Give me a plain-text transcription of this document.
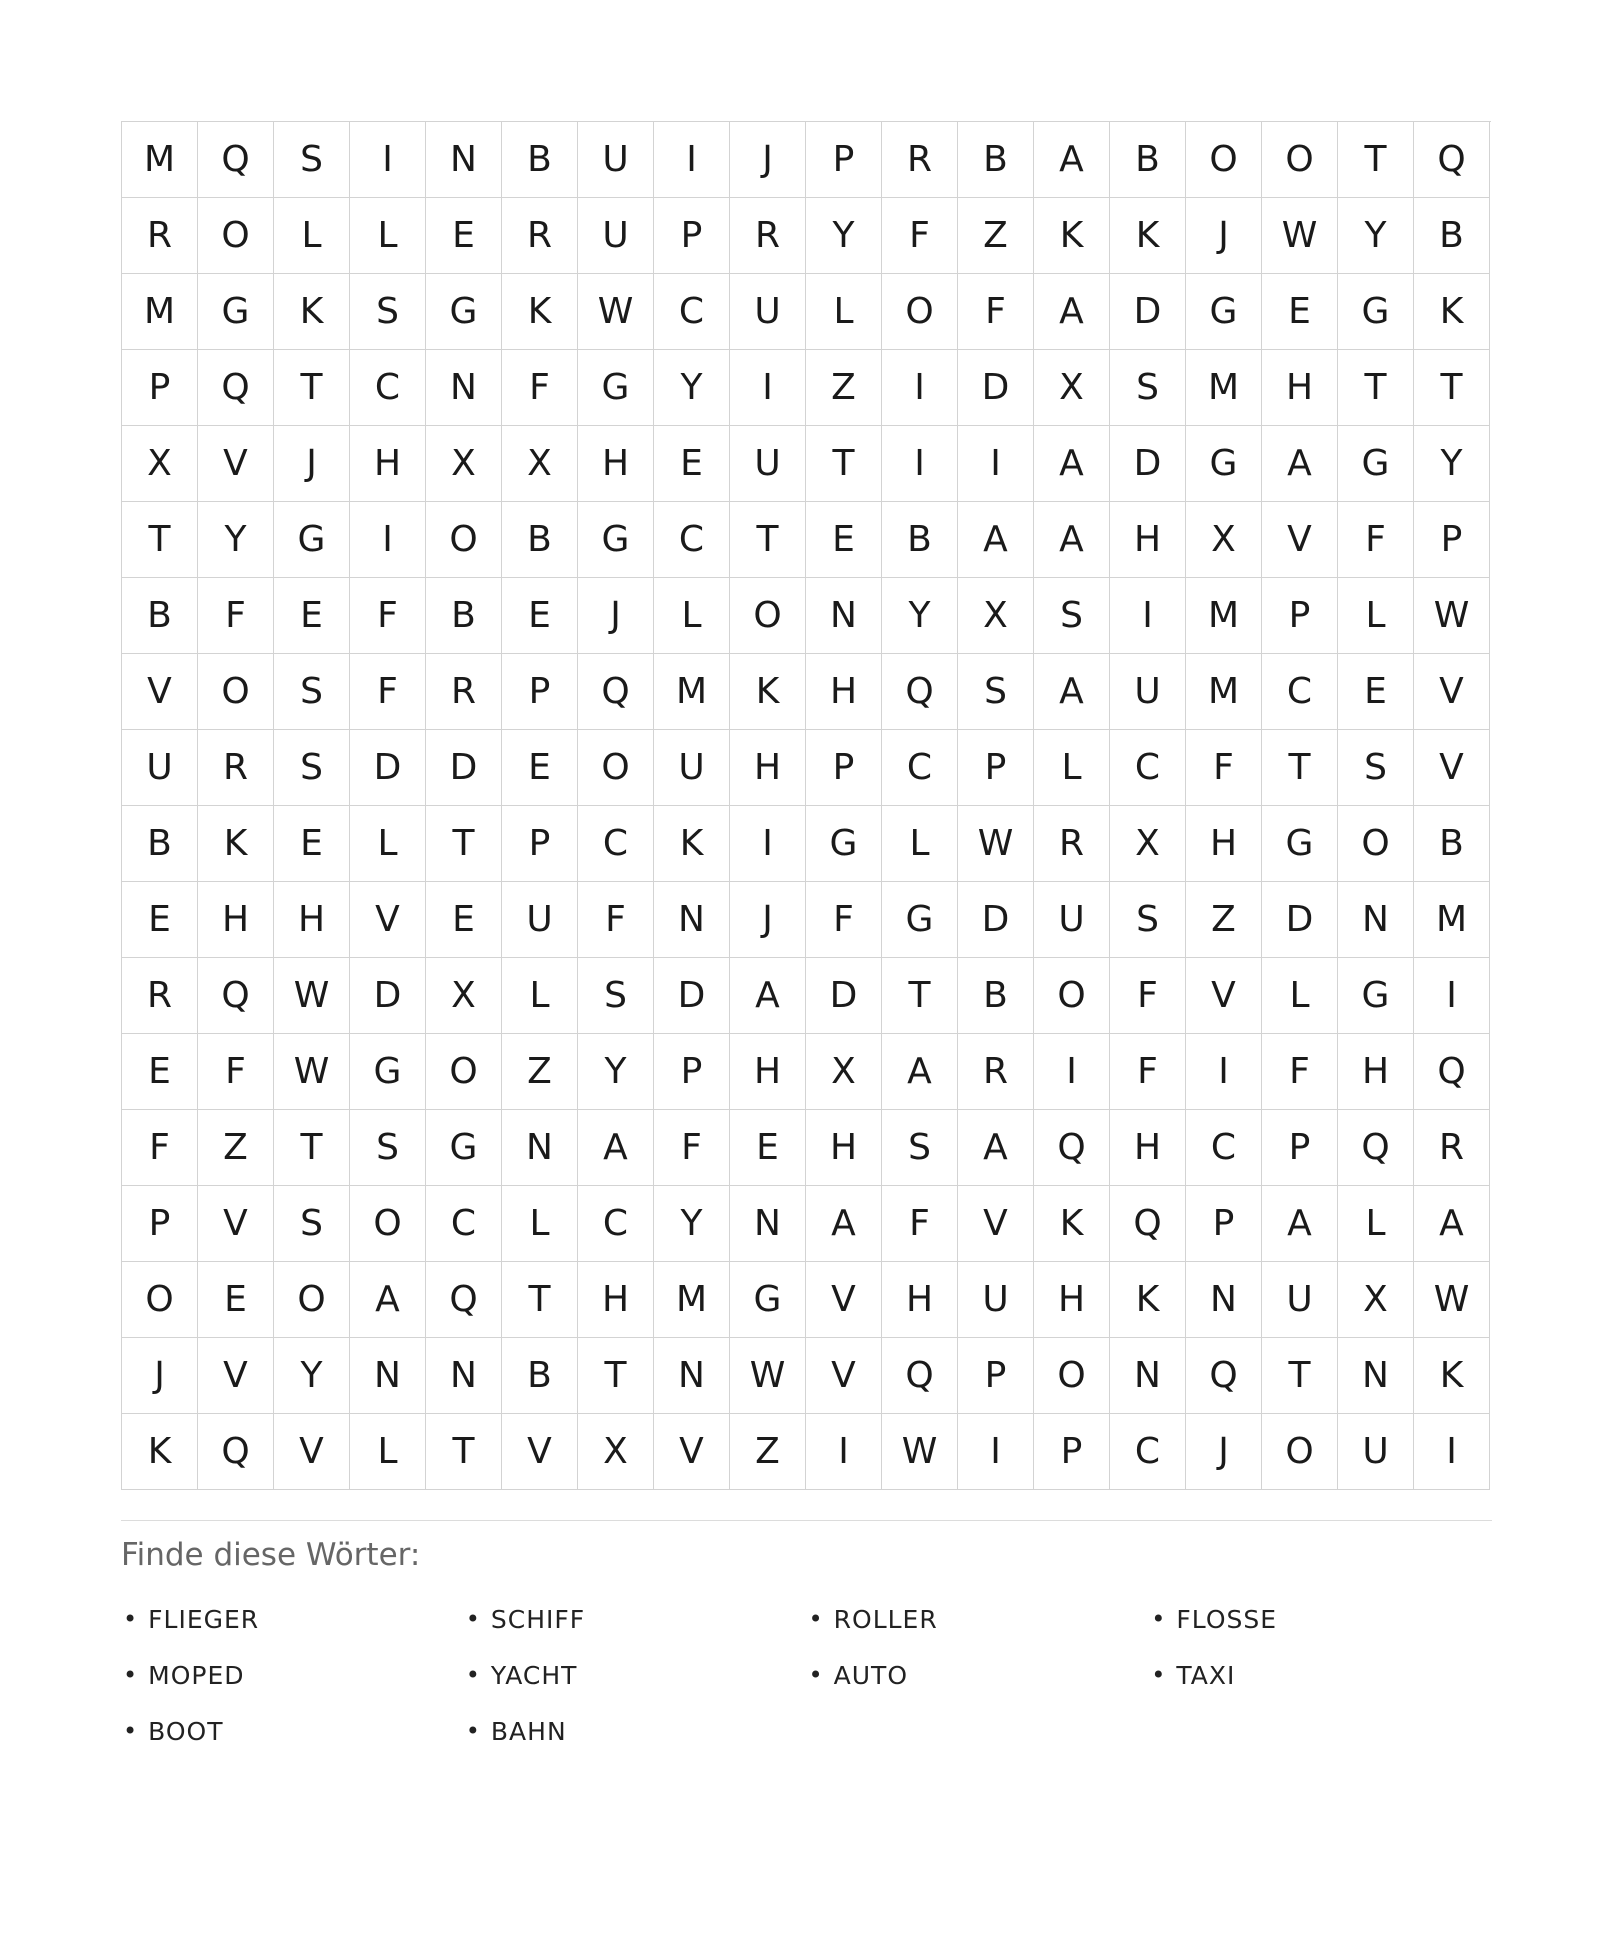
M	Q	S	I	N	B	U	I	J	P	R	B	A	B	O	O	T	Q
R	O	L	L	E	R	U	P	R	Y	F	Z	K	K	J	W	Y	B
M	G	K	S	G	K	W	C	U	L	O	F	A	D	G	E	G	K
P	Q	T	C	N	F	G	Y	I	Z	I	D	X	S	M	H	T	T
X	V	J	H	X	X	H	E	U	T	I	I	A	D	G	A	G	Y
T	Y	G	I	O	B	G	C	T	E	B	A	A	H	X	V	F	P
B	F	E	F	B	E	J	L	O	N	Y	X	S	I	M	P	L	W
V	O	S	F	R	P	Q	M	K	H	Q	S	A	U	M	C	E	V
U	R	S	D	D	E	O	U	H	P	C	P	L	C	F	T	S	V
B	K	E	L	T	P	C	K	I	G	L	W	R	X	H	G	O	B
E	H	H	V	E	U	F	N	J	F	G	D	U	S	Z	D	N	M
R	Q	W	D	X	L	S	D	A	D	T	B	O	F	V	L	G	I
E	F	W	G	O	Z	Y	P	H	X	A	R	I	F	I	F	H	Q
F	Z	T	S	G	N	A	F	E	H	S	A	Q	H	C	P	Q	R
P	V	S	O	C	L	C	Y	N	A	F	V	K	Q	P	A	L	A
O	E	O	A	Q	T	H	M	G	V	H	U	H	K	N	U	X	W
J	V	Y	N	N	B	T	N	W	V	Q	P	O	N	Q	T	N	K
K	Q	V	L	T	V	X	V	Z	I	W	I	P	C	J	O	U	I
Finde diese Wörter:
• FLIEGER	• SCHIFF	• ROLLER	• FLOSSE
• MOPED	• YACHT	• AUTO	• TAXI
• BOOT	• BAHN
